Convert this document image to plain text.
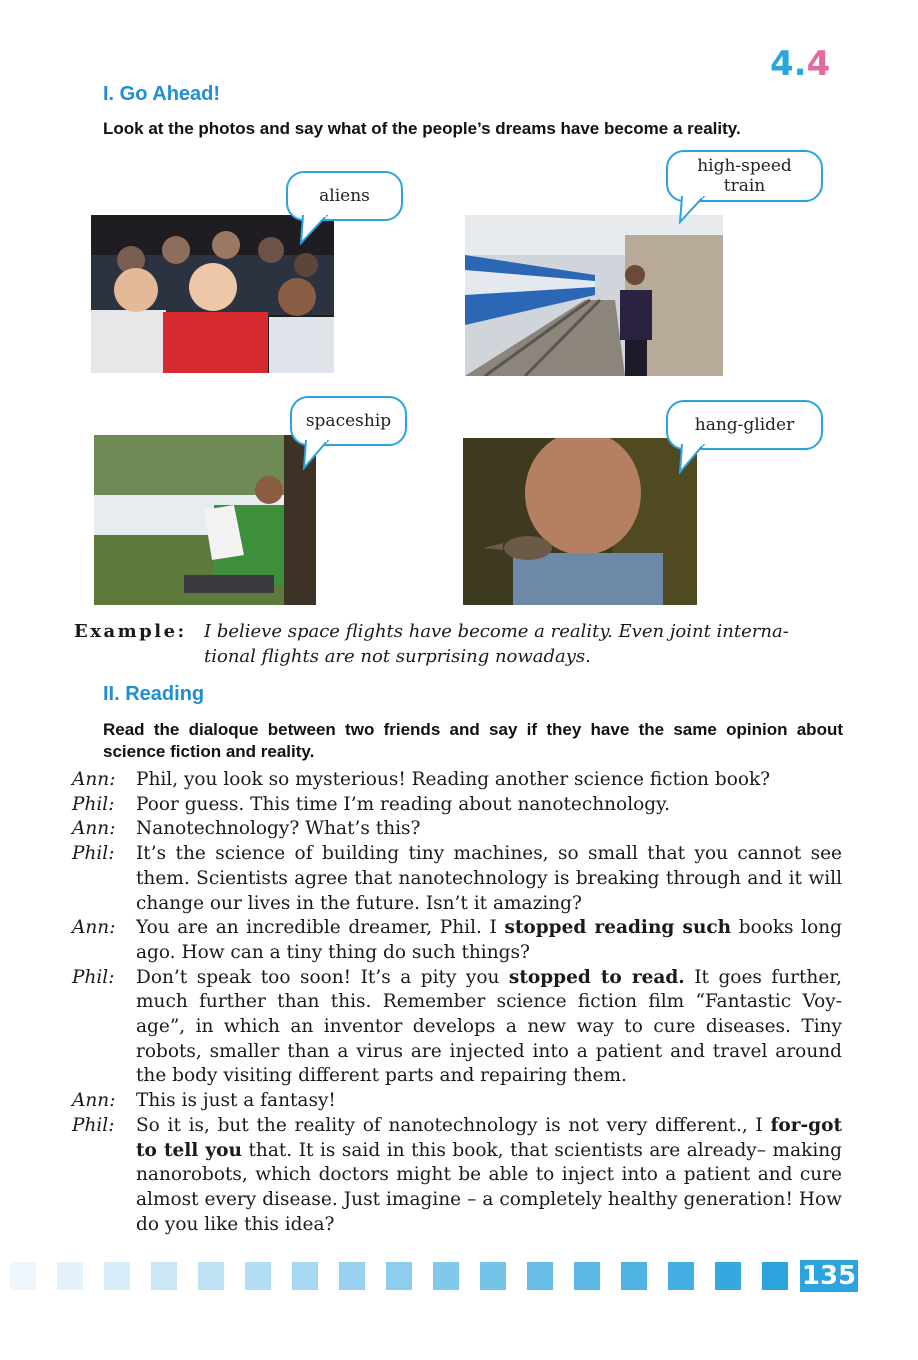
4.4
I. Go Ahead!
Look at the photos and say what of the people’s dreams have become a reality.
aliens
high-speed
train
spaceship	hang-glider
Example: I believe space flights have become a reality. Even joint interna-
tional flights are not surprising nowadays.
II. Reading
Read the dialoque between two friends and say if they have the same opinion about science fiction and reality.
Ann:	Phil, you look so mysterious! Reading another science fiction book?
Phil:	Poor guess. This time I’m reading about nanotechnology.
Ann:	Nanotechnology? What’s this?
Phil:	It’s the science of building tiny machines, so small that you cannot see them. Scientists agree that nanotechnology is breaking through and it will change our lives in the future. Isn’t it amazing?
Ann:	You are an incredible dreamer, Phil. I stopped reading such books long ago. How can a tiny thing do such things?
Phil:	Don’t speak too soon! It’s a pity you stopped to read. It goes further, much further than this. Remember science fiction film “Fantastic Voy-age”, in which an inventor develops a new way to cure diseases. Tiny robots, smaller than a virus are injected into a patient and travel around the body visiting different parts and repairing them.
Ann:	This is just a fantasy!
Phil:	So it is, but the reality of nanotechnology is not very different., I for-got to tell you that. It is said in this book, that scientists are already– making nanorobots, which doctors might be able to inject into a patient and cure almost every disease. Just imagine – a completely healthy generation! How do you like this idea?
135
